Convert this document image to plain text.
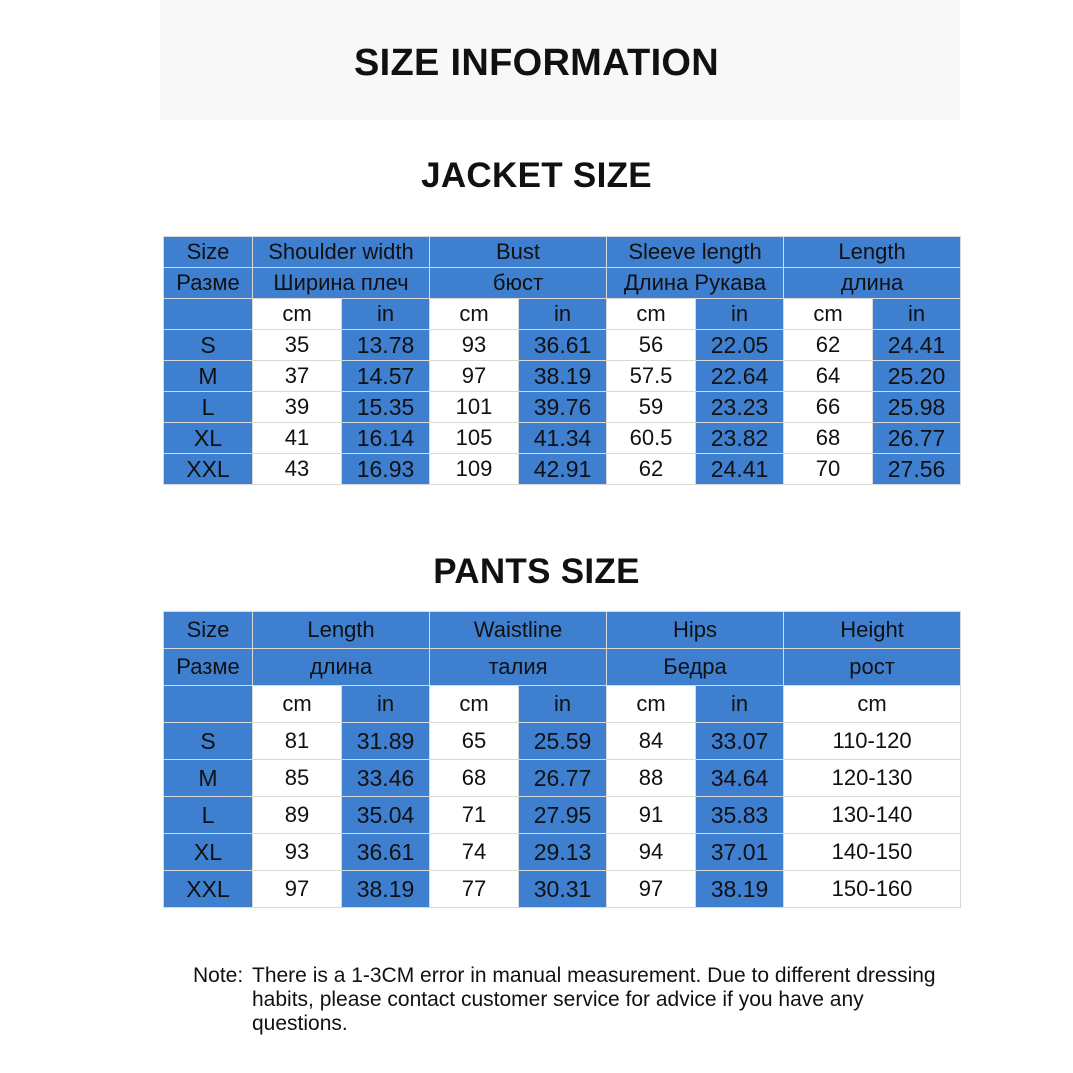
SIZE INFORMATION
JACKET SIZE
Size	Shoulder width		Bust		Sleeve length		Length	
Разме	Ширина плеч		бюст		Длина Рукава		длина	
	cm	in	cm	in	cm	in	cm	in
S	35	13.78	93	36.61	56	22.05	62	24.41
M	37	14.57	97	38.19	57.5	22.64	64	25.20
L	39	15.35	101	39.76	59	23.23	66	25.98
XL	41	16.14	105	41.34	60.5	23.82	68	26.77
XXL	43	16.93	109	42.91	62	24.41	70	27.56
PANTS SIZE
Size	Length		Waistline		Hips		Height
Разме	длина		талия		Бедра		рост
	cm	in	cm	in	cm	in	cm
S	81	31.89	65	25.59	84	33.07	110-120
M	85	33.46	68	26.77	88	34.64	120-130
L	89	35.04	71	27.95	91	35.83	130-140
XL	93	36.61	74	29.13	94	37.01	140-150
XXL	97	38.19	77	30.31	97	38.19	150-160
Note: There is a 1-3CM error in manual measurement. Due to different dressing habits, please contact customer service for advice if you have any questions.
